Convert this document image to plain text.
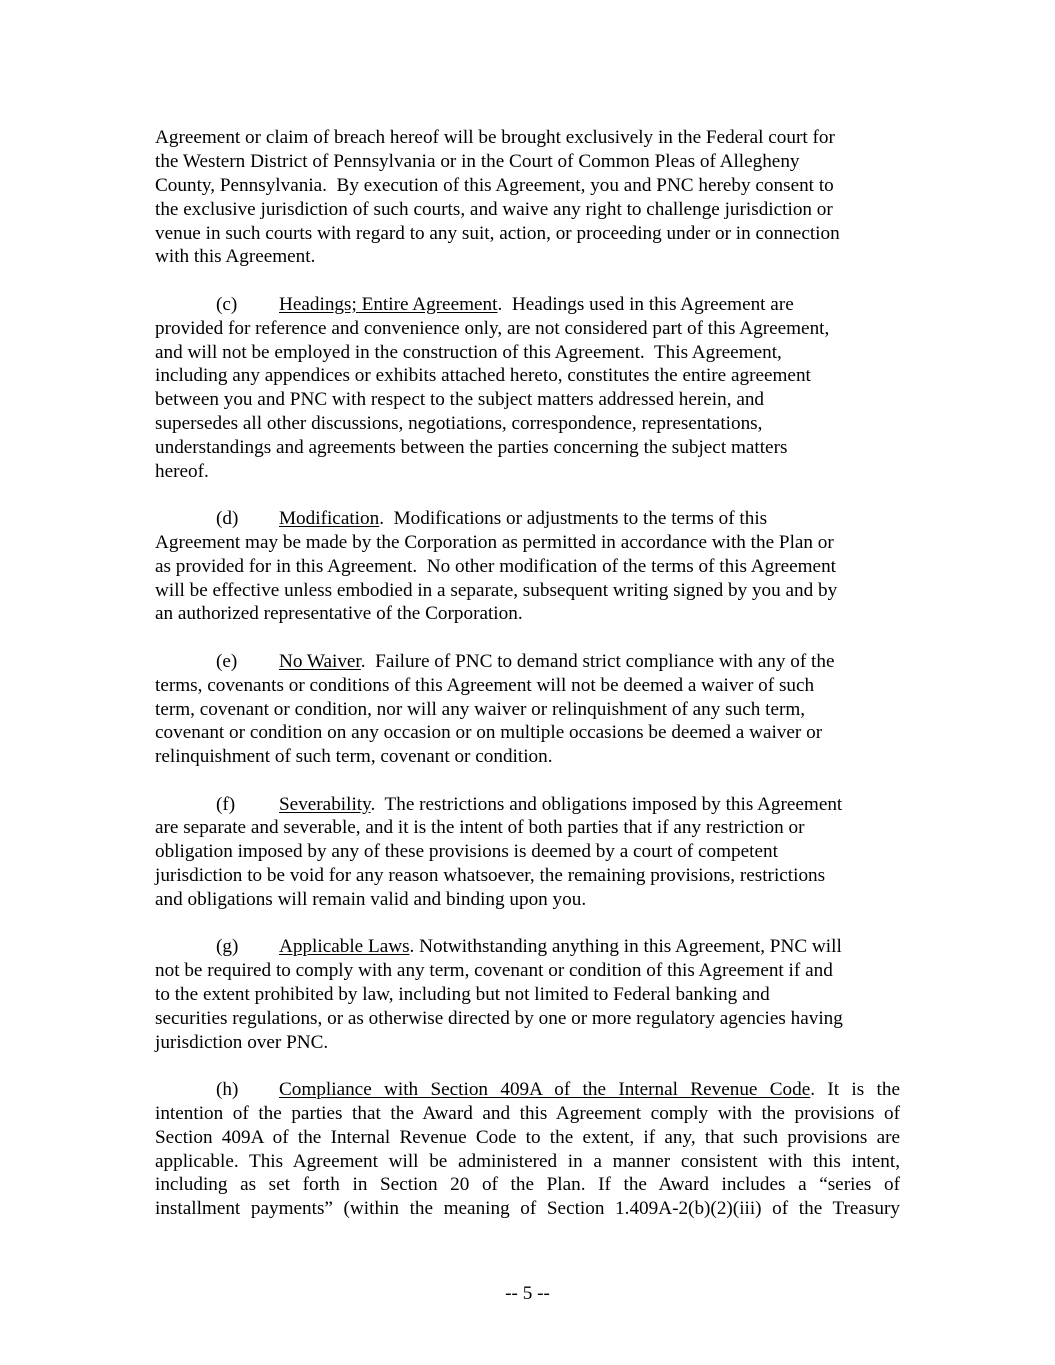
Agreement or claim of breach hereof will be brought exclusively in the Federal court for
the Western District of Pennsylvania or in the Court of Common Pleas of Allegheny
County, Pennsylvania.  By execution of this Agreement, you and PNC hereby consent to
the exclusive jurisdiction of such courts, and waive any right to challenge jurisdiction or
venue in such courts with regard to any suit, action, or proceeding under or in connection
with this Agreement.
(c) Headings; Entire Agreement.  Headings used in this Agreement are
provided for reference and convenience only, are not considered part of this Agreement,
and will not be employed in the construction of this Agreement.  This Agreement,
including any appendices or exhibits attached hereto, constitutes the entire agreement
between you and PNC with respect to the subject matters addressed herein, and
supersedes all other discussions, negotiations, correspondence, representations,
understandings and agreements between the parties concerning the subject matters
hereof.
(d) Modification.  Modifications or adjustments to the terms of this
Agreement may be made by the Corporation as permitted in accordance with the Plan or
as provided for in this Agreement.  No other modification of the terms of this Agreement
will be effective unless embodied in a separate, subsequent writing signed by you and by
an authorized representative of the Corporation.
(e) No Waiver.  Failure of PNC to demand strict compliance with any of the
terms, covenants or conditions of this Agreement will not be deemed a waiver of such
term, covenant or condition, nor will any waiver or relinquishment of any such term,
covenant or condition on any occasion or on multiple occasions be deemed a waiver or
relinquishment of such term, covenant or condition.
(f) Severability.  The restrictions and obligations imposed by this Agreement
are separate and severable, and it is the intent of both parties that if any restriction or
obligation imposed by any of these provisions is deemed by a court of competent
jurisdiction to be void for any reason whatsoever, the remaining provisions, restrictions
and obligations will remain valid and binding upon you.
(g) Applicable Laws. Notwithstanding anything in this Agreement, PNC will
not be required to comply with any term, covenant or condition of this Agreement if and
to the extent prohibited by law, including but not limited to Federal banking and
securities regulations, or as otherwise directed by one or more regulatory agencies having
jurisdiction over PNC.
(h) Compliance with Section 409A of the Internal Revenue Code. It is the
intention of the parties that the Award and this Agreement comply with the provisions of
Section 409A of the Internal Revenue Code to the extent, if any, that such provisions are
applicable. This Agreement will be administered in a manner consistent with this intent,
including as set forth in Section 20 of the Plan. If the Award includes a “series of
installment payments” (within the meaning of Section 1.409A-2(b)(2)(iii) of the Treasury
-- 5 --
